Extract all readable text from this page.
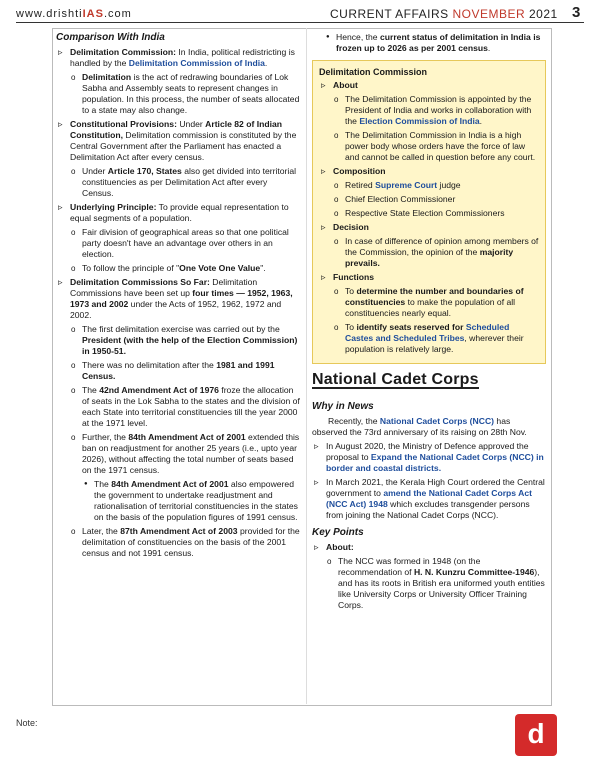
www.drishtiIAS.com	CURRENT AFFAIRS NOVEMBER 2021 3

Comparison With India

▹ Delimitation Commission: In India, political redistricting is handled by the Delimitation Commission of India.

o Delimitation is the act of redrawing boundaries of Lok Sabha and Assembly seats to represent changes in population. In this process, the number of seats allocated to a state may also change.

▹ Constitutional Provisions: Under Article 82 of Indian Constitution, Delimitation commission is constituted by the Central Government after the Parliament has enacted a Delimitation Act after every census.

o Under Article 170, States also get divided into territorial constituencies as per Delimitation Act after every Census.

▹ Underlying Principle: To provide equal representation to equal segments of a population.

o Fair division of geographical areas so that one political party doesn't have an advantage over others in an election.

o To follow the principle of "One Vote One Value".

▹ Delimitation Commissions So Far: Delimitation Commissions have been set up four times — 1952, 1963, 1973 and 2002 under the Acts of 1952, 1962, 1972 and 2002.

o The first delimitation exercise was carried out by the President (with the help of the Election Commission) in 1950-51.

o There was no delimitation after the 1981 and 1991 Census.

o The 42nd Amendment Act of 1976 froze the allocation of seats in the Lok Sabha to the states and the division of each State into territorial constituencies till the year 2000 at the 1971 level.

o Further, the 84th Amendment Act of 2001 extended this ban on readjustment for another 25 years (i.e., upto year 2026), without affecting the total number of seats based on the 1971 census.

● The 84th Amendment Act of 2001 also empowered the government to undertake readjustment and rationalisation of territorial constituencies in the states on the basis of the population figures of 1991 census.

o Later, the 87th Amendment Act of 2003 provided for the delimitation of constituencies on the basis of the 2001 census and not 1991 census.

● Hence, the current status of delimitation in India is frozen up to 2026 as per 2001 census.

Delimitation Commission

▹ About

o The Delimitation Commission is appointed by the President of India and works in collaboration with the Election Commission of India.

o The Delimitation Commission in India is a high power body whose orders have the force of law and cannot be called in question before any court.

▹ Composition

o Retired Supreme Court judge

o Chief Election Commissioner

o Respective State Election Commissioners

▹ Decision

o In case of difference of opinion among members of the Commission, the opinion of the majority prevails.

▹ Functions

o To determine the number and boundaries of constituencies to make the population of all constituencies nearly equal.

o To identify seats reserved for Scheduled Castes and Scheduled Tribes, wherever their population is relatively large.

National Cadet Corps

Why in News

Recently, the National Cadet Corps (NCC) has observed the 73rd anniversary of its raising on 28th Nov.

▹ In August 2020, the Ministry of Defence approved the proposal to Expand the National Cadet Corps (NCC) in border and coastal districts.

▹ In March 2021, the Kerala High Court ordered the Central government to amend the National Cadet Corps Act (NCC Act) 1948 which excludes transgender persons from joining the National Cadet Corps (NCC).

Key Points

▹ About:

o The NCC was formed in 1948 (on the recommendation of H. N. Kunzru Committee-1946), and has its roots in British era uniformed youth entities like University Corps or University Officer Training Corps.

Note:	d
